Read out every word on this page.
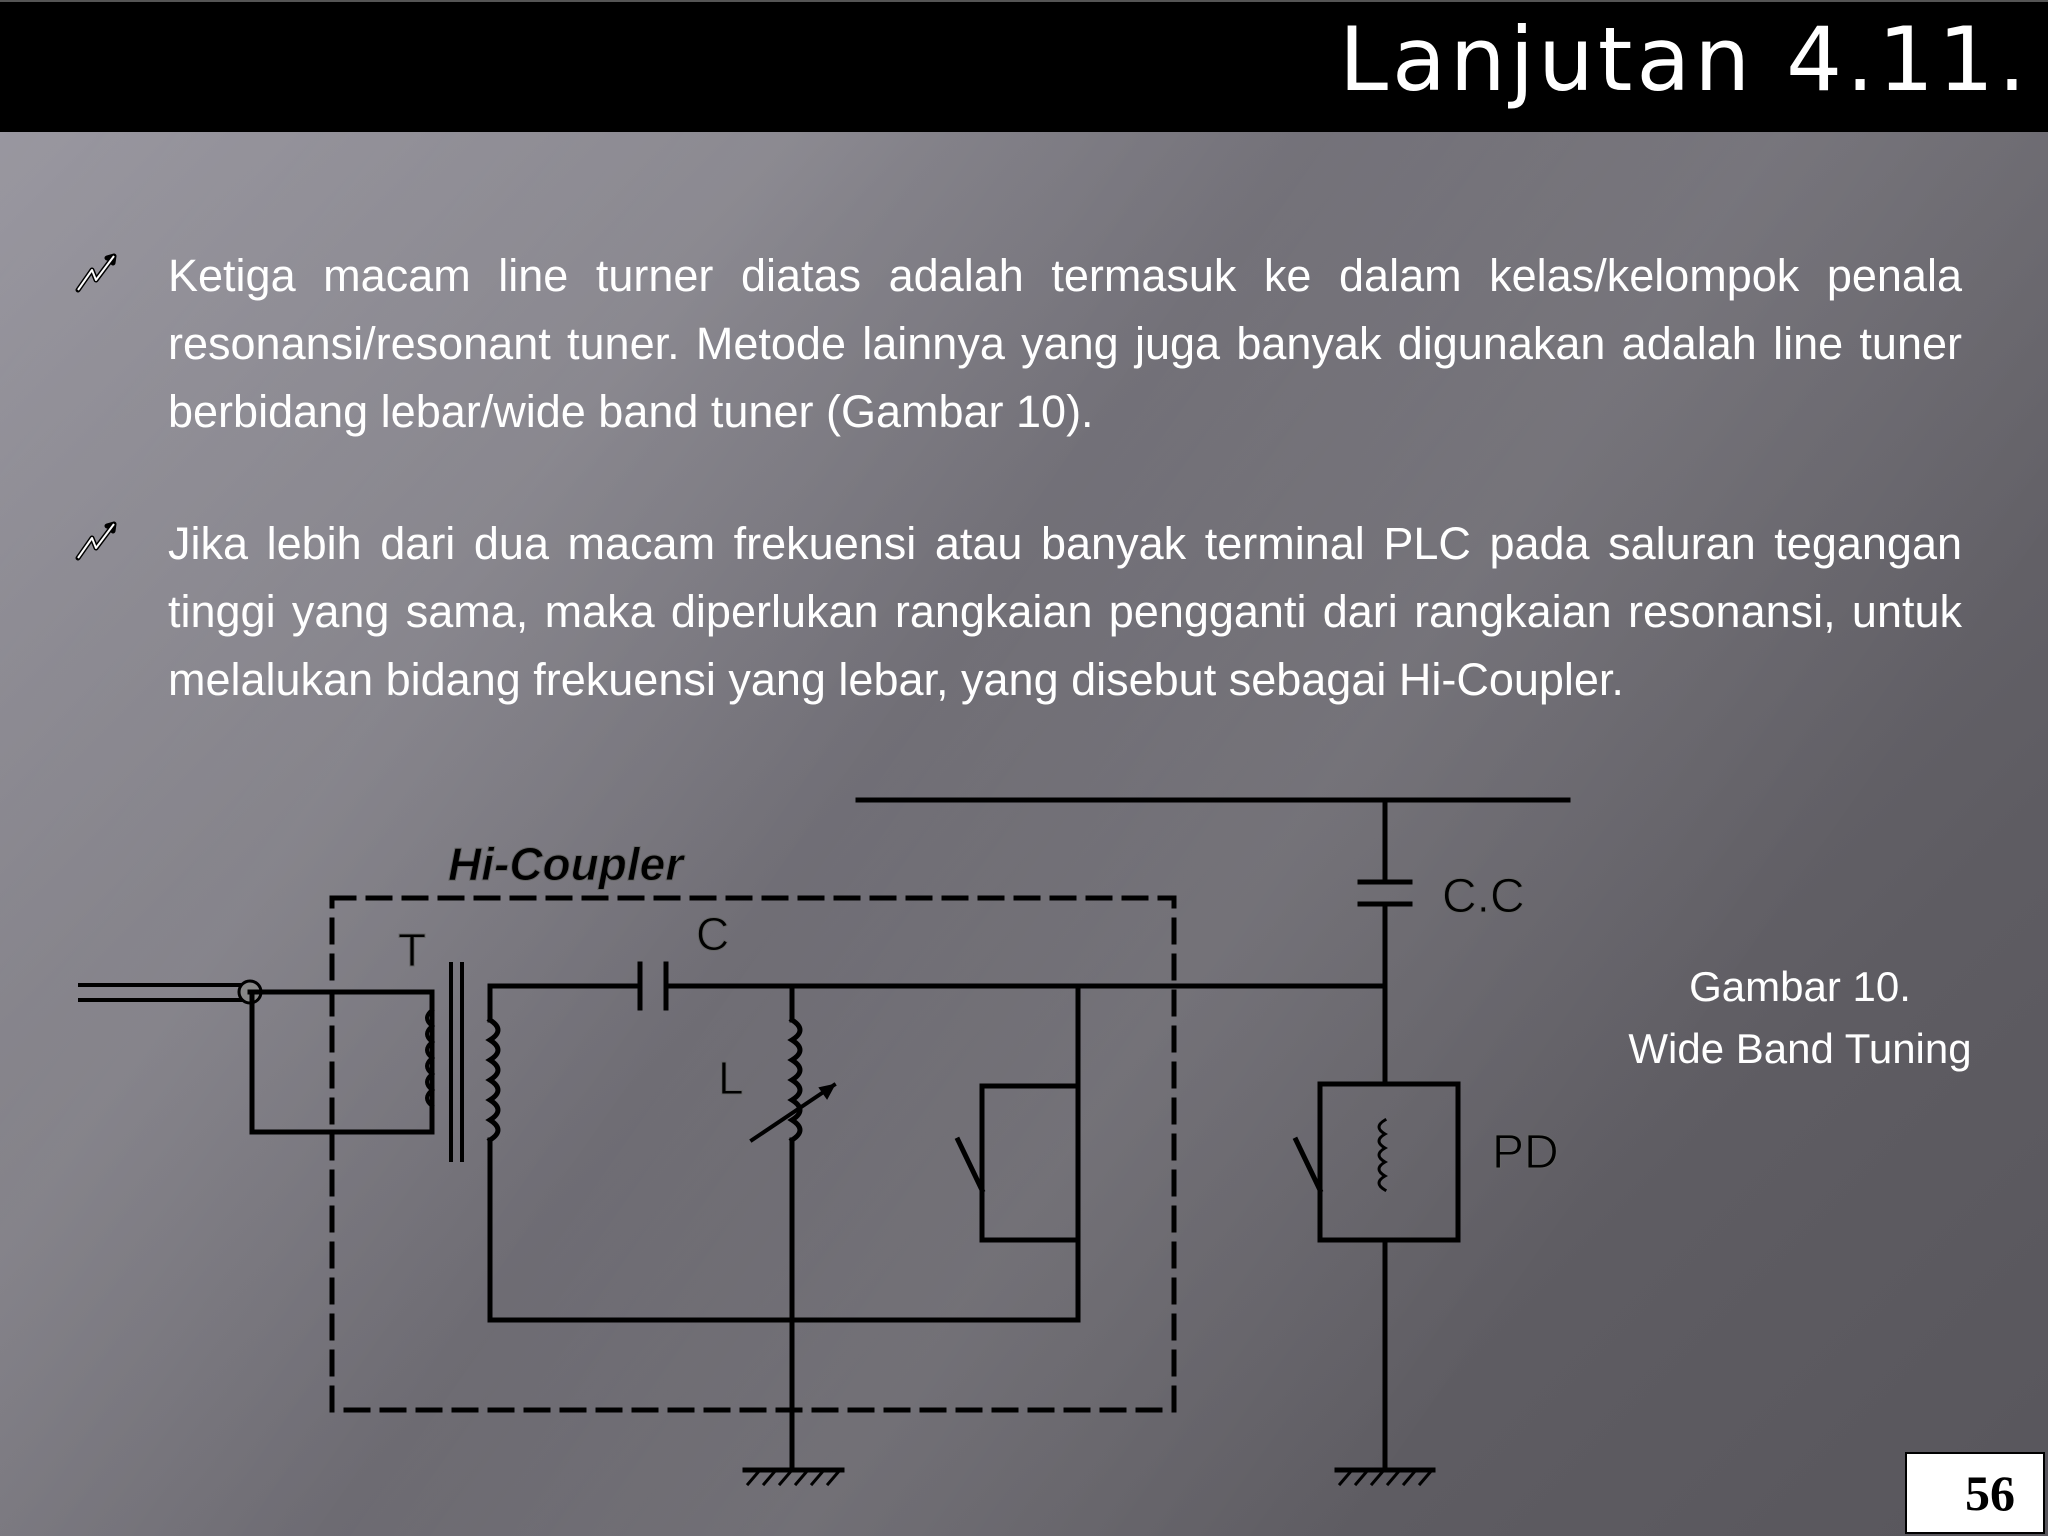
Lanjutan 4.11.
Ketiga macam line turner diatas adalah termasuk ke dalam kelas/kelompok penala resonansi/resonant tuner. Metode lainnya yang juga banyak digunakan adalah line tuner berbidang lebar/wide band tuner (Gambar 10).
Jika lebih dari dua macam frekuensi atau banyak terminal PLC pada saluran tegangan tinggi yang sama, maka diperlukan rangkaian pengganti dari rangkaian resonansi, untuk melalukan bidang frekuensi yang lebar, yang disebut sebagai Hi-Coupler.
Hi-Coupler
T	C
L
C.C
PD
Gambar 10.
Wide Band Tuning
56
